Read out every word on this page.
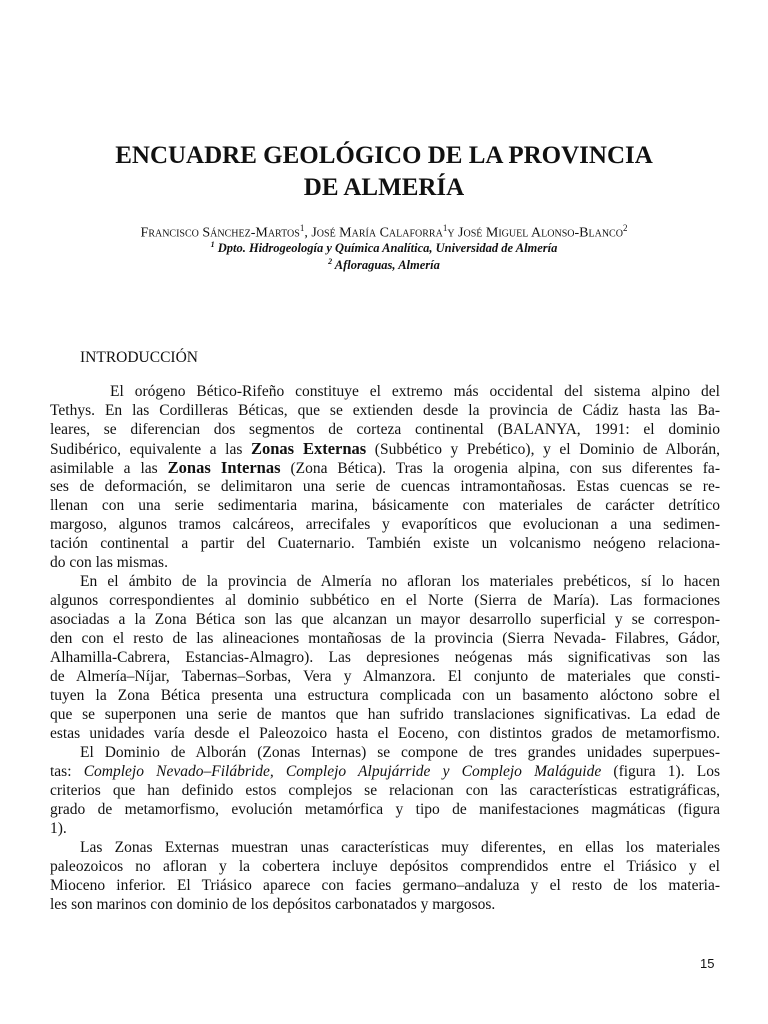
ENCUADRE GEOLÓGICO DE LA PROVINCIA
DE ALMERÍA
Francisco Sánchez-Martos$^1$, José María Calaforra$^1$y José Miguel Alonso-Blanco$^2$
$^1$ Dpto. Hidrogeología y Química Analítica, Universidad de Almería
$^2$ Afloraguas, Almería
INTRODUCCIÓN
El orógeno Bético-Rifeño constituye el extremo más occidental del sistema alpino del
Tethys. En las Cordilleras Béticas, que se extienden desde la provincia de Cádiz hasta las Ba-
leares, se diferencian dos segmentos de corteza continental (BALANYA, 1991: el dominio
Sudibérico, equivalente a las Zonas Externas (Subbético y Prebético), y el Dominio de Alborán,
asimilable a las Zonas Internas (Zona Bética). Tras la orogenia alpina, con sus diferentes fa-
ses de deformación, se delimitaron una serie de cuencas intramontañosas. Estas cuencas se re-
llenan con una serie sedimentaria marina, básicamente con materiales de carácter detrítico
margoso, algunos tramos calcáreos, arrecifales y evaporíticos que evolucionan a una sedimen-
tación continental a partir del Cuaternario. También existe un volcanismo neógeno relaciona-
do con las mismas.
En el ámbito de la provincia de Almería no afloran los materiales prebéticos, sí lo hacen
algunos correspondientes al dominio subbético en el Norte (Sierra de María). Las formaciones
asociadas a la Zona Bética son las que alcanzan un mayor desarrollo superficial y se correspon-
den con el resto de las alineaciones montañosas de la provincia (Sierra Nevada- Filabres, Gádor,
Alhamilla-Cabrera, Estancias-Almagro). Las depresiones neógenas más significativas son las
de Almería–Níjar, Tabernas–Sorbas, Vera y Almanzora. El conjunto de materiales que consti-
tuyen la Zona Bética presenta una estructura complicada con un basamento alóctono sobre el
que se superponen una serie de mantos que han sufrido translaciones significativas. La edad de
estas unidades varía desde el Paleozoico hasta el Eoceno, con distintos grados de metamorfismo.
El Dominio de Alborán (Zonas Internas) se compone de tres grandes unidades superpues-
tas: Complejo Nevado–Filábride, Complejo Alpujárride y Complejo Maláguide (figura 1). Los
criterios que han definido estos complejos se relacionan con las características estratigráficas,
grado de metamorfismo, evolución metamórfica y tipo de manifestaciones magmáticas (figura
1).
Las Zonas Externas muestran unas características muy diferentes, en ellas los materiales
paleozoicos no afloran y la cobertera incluye depósitos comprendidos entre el Triásico y el
Mioceno inferior. El Triásico aparece con facies germano–andaluza y el resto de los materia-
les son marinos con dominio de los depósitos carbonatados y margosos.
15
